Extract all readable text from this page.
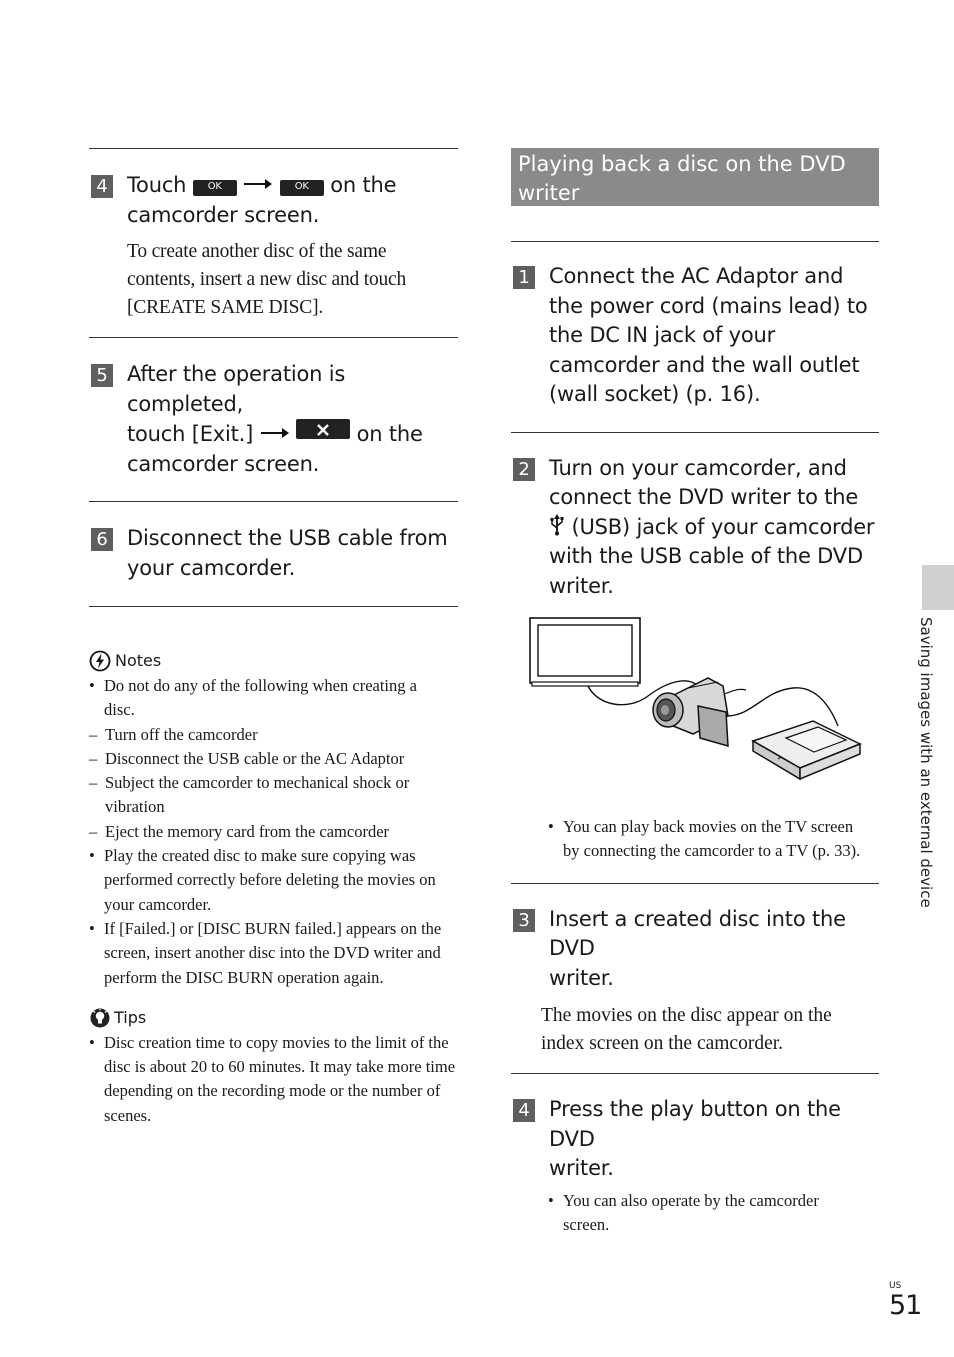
4 Touch OK	OK on the
camcorder screen.
To create another disc of the same contents, insert a new disc and touch [CREATE SAME DISC].
5 After the operation is completed,
touch [Exit.]	on the
camcorder screen.
6 Disconnect the USB cable from
your camcorder.
Notes
• Do not do any of the following when creating a disc.
– Turn off the camcorder
– Disconnect the USB cable or the AC Adaptor
– Subject the camcorder to mechanical shock or vibration
– Eject the memory card from the camcorder
• Play the created disc to make sure copying was performed correctly before deleting the movies on your camcorder.
• If [Failed.] or [DISC BURN failed.] appears on the screen, insert another disc into the DVD writer and perform the DISC BURN operation again.
Tips
• Disc creation time to copy movies to the limit of the disc is about 20 to 60 minutes. It may take more time depending on the recording mode or the number of scenes.
Playing back a disc on the DVD writer
1 Connect the AC Adaptor and the power cord (mains lead) to the DC IN jack of your camcorder and the wall outlet (wall socket) (p. 16).
2 Turn on your camcorder, and
connect the DVD writer to the
(USB) jack of your camcorder
with the USB cable of the DVD
writer.
• You can play back movies on the TV screen by connecting the camcorder to a TV (p. 33).
3 Insert a created disc into the DVD
writer.
The movies on the disc appear on the index screen on the camcorder.
4 Press the play button on the DVD
writer.
• You can also operate by the camcorder screen.
Saving images with an external device
US
51
